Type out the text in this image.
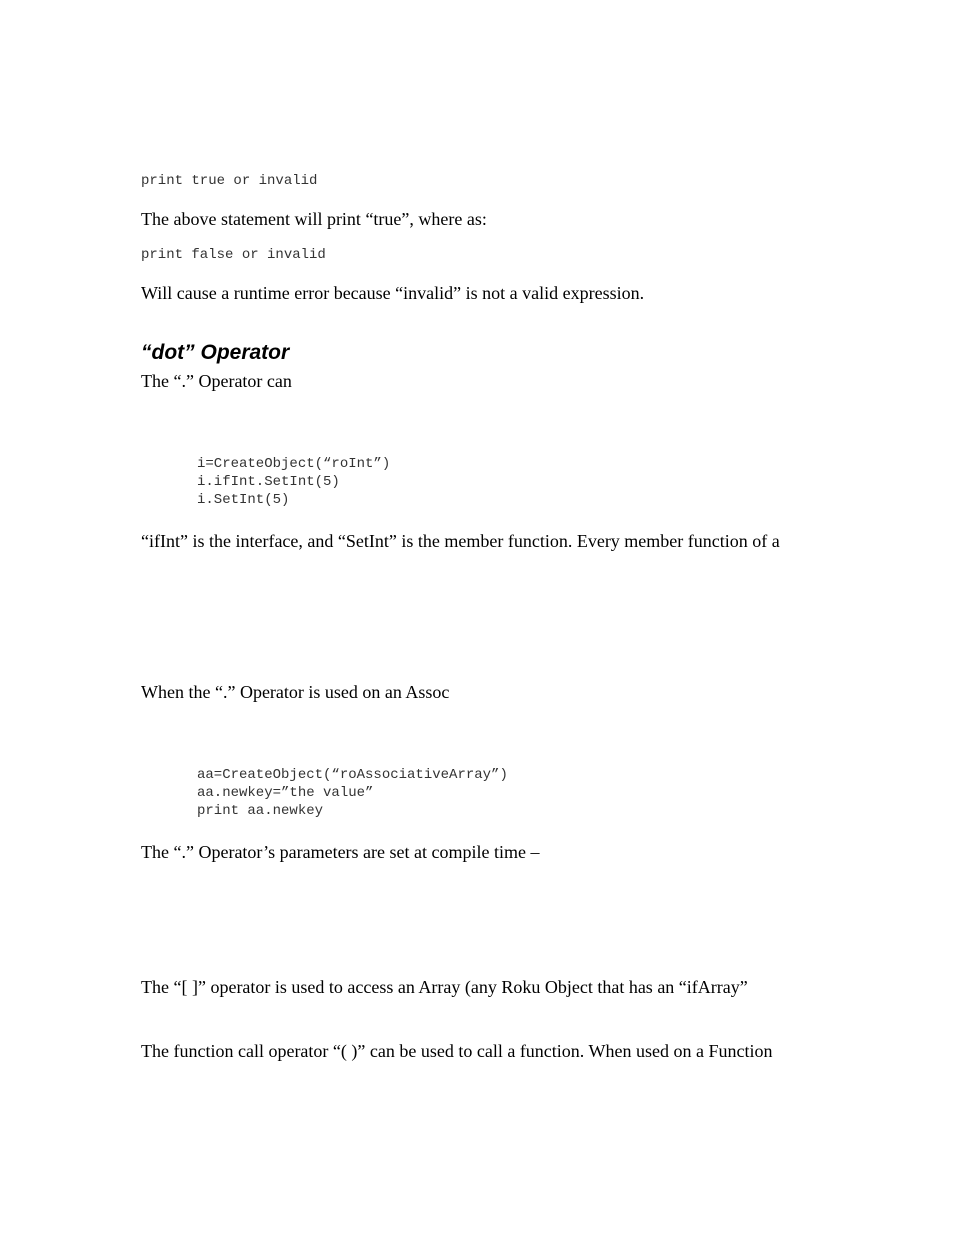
print true or invalid
The above statement will print “true”, where as:
print false or invalid
Will cause a runtime error because “invalid” is not a valid expression.
“dot” Operator
The “.” Operator can
i=CreateObject(“roInt”)
i.ifInt.SetInt(5)
i.SetInt(5)
“ifInt” is the interface, and “SetInt” is the member function. Every member function of a
When the “.” Operator is used on an Assoc
aa=CreateObject(“roAssociativeArray”)
aa.newkey=”the value”
print aa.newkey
The “.” Operator’s parameters are set at compile time –
The “[ ]” operator is used to access an Array (any Roku Object that has an “ifArray”
The function call operator “( )” can be used to call a function. When used on a Function
